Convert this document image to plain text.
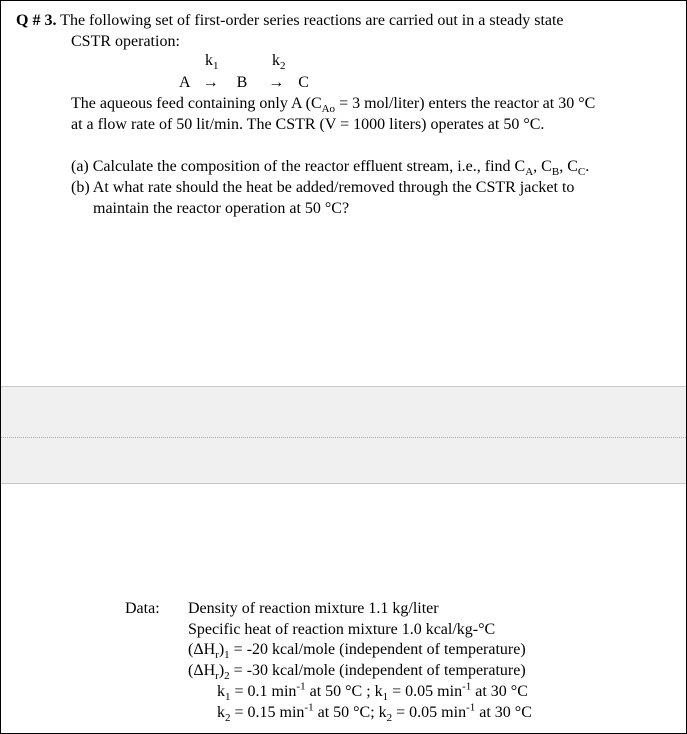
Q # 3. The following set of first-order series reactions are carried out in a steady state
CSTR operation:
$k_1$	$k_2$
A → B → C
The aqueous feed containing only A ($C_{Ao} = 3$ mol/liter) enters the reactor at 30 °C
at a flow rate of 50 lit/min. The CSTR (V = 1000 liters) operates at 50 °C.
(a) Calculate the composition of the reactor effluent stream, i.e., find $C_A$, $C_B$, $C_C$.
(b) At what rate should the heat be added/removed through the CSTR jacket to
maintain the reactor operation at 50 °C?
Data: Density of reaction mixture 1.1 kg/liter
Specific heat of reaction mixture 1.0 kcal/kg-°C
$(\Delta H_r)_1 = -20$ kcal/mole (independent of temperature)
$(\Delta H_r)_2 = -30$ kcal/mole (independent of temperature)
$k_1 = 0.1$ $\min^{-1}$ at 50 °C ; $k_1 = 0.05$ $\min^{-1}$ at 30 °C
$k_2 = 0.15$ $\min^{-1}$ at 50 °C; $k_2 = 0.05$ $\min^{-1}$ at 30 °C
